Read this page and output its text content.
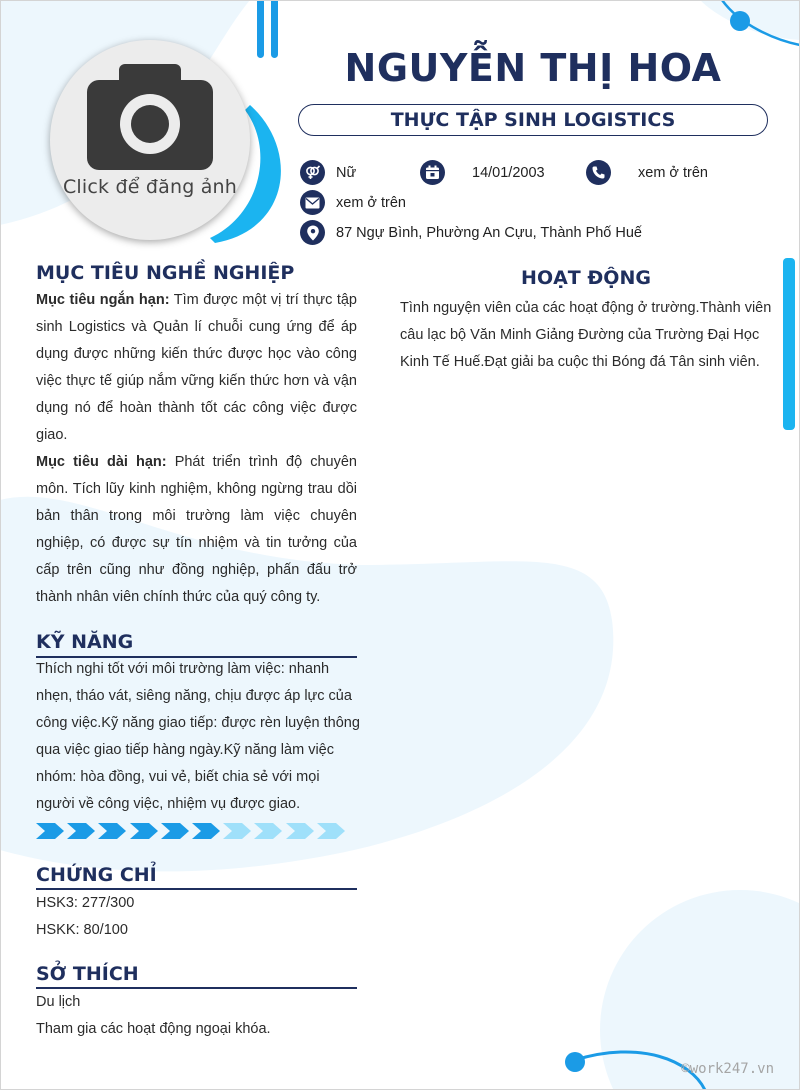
Click để đăng ảnh
NGUYỄN THỊ HOA
THỰC TẬP SINH LOGISTICS
Nữ	14/01/2003	xem ở trên
xem ở trên
87 Ngự Bình, Phường An Cựu, Thành Phố Huế
MỤC TIÊU NGHỀ NGHIỆP
Mục tiêu ngắn hạn: Tìm được một vị trí thực tập sinh Logistics và Quản lí chuỗi cung ứng để áp dụng được những kiến thức được học vào công việc thực tế giúp nắm vững kiến thức hơn và vận dụng nó để hoàn thành tốt các công việc được giao.
Mục tiêu dài hạn: Phát triển trình độ chuyên môn. Tích lũy kinh nghiệm, không ngừng trau dồi bản thân trong môi trường làm việc chuyên nghiệp, có được sự tín nhiệm và tin tưởng của cấp trên cũng như đồng nghiệp, phấn đấu trở thành nhân viên chính thức của quý công ty.
KỸ NĂNG
Thích nghi tốt với môi trường làm việc: nhanh nhẹn, tháo vát, siêng năng, chịu được áp lực của công việc.Kỹ năng giao tiếp: được rèn luyện thông qua việc giao tiếp hàng ngày.Kỹ năng làm việc nhóm: hòa đồng, vui vẻ, biết chia sẻ với mọi người về công việc, nhiệm vụ được giao.
CHỨNG CHỈ
HSK3: 277/300
HSKK: 80/100
SỞ THÍCH
Du lịch
Tham gia các hoạt động ngoại khóa.
HOẠT ĐỘNG
Tình nguyện viên của các hoạt động ở trường.Thành viên câu lạc bộ Văn Minh Giảng Đường của Trường Đại Học Kinh Tế Huế.Đạt giải ba cuộc thi Bóng đá Tân sinh viên.
©work247.vn
